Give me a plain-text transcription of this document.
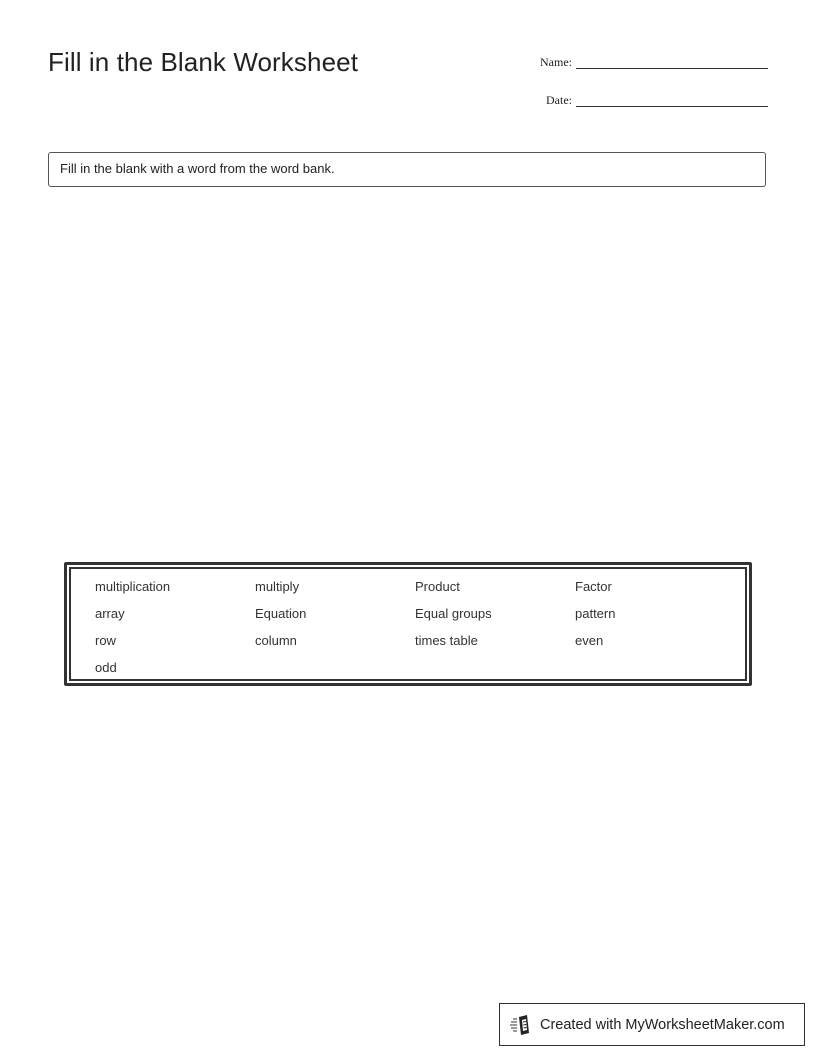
Fill in the Blank Worksheet	Name:
Date:
Fill in the blank with a word from the word bank.
multiplication	multiply	Product	Factor
array	Equation	Equal groups	pattern
row	column	times table	even
odd
Created with MyWorksheetMaker.com
